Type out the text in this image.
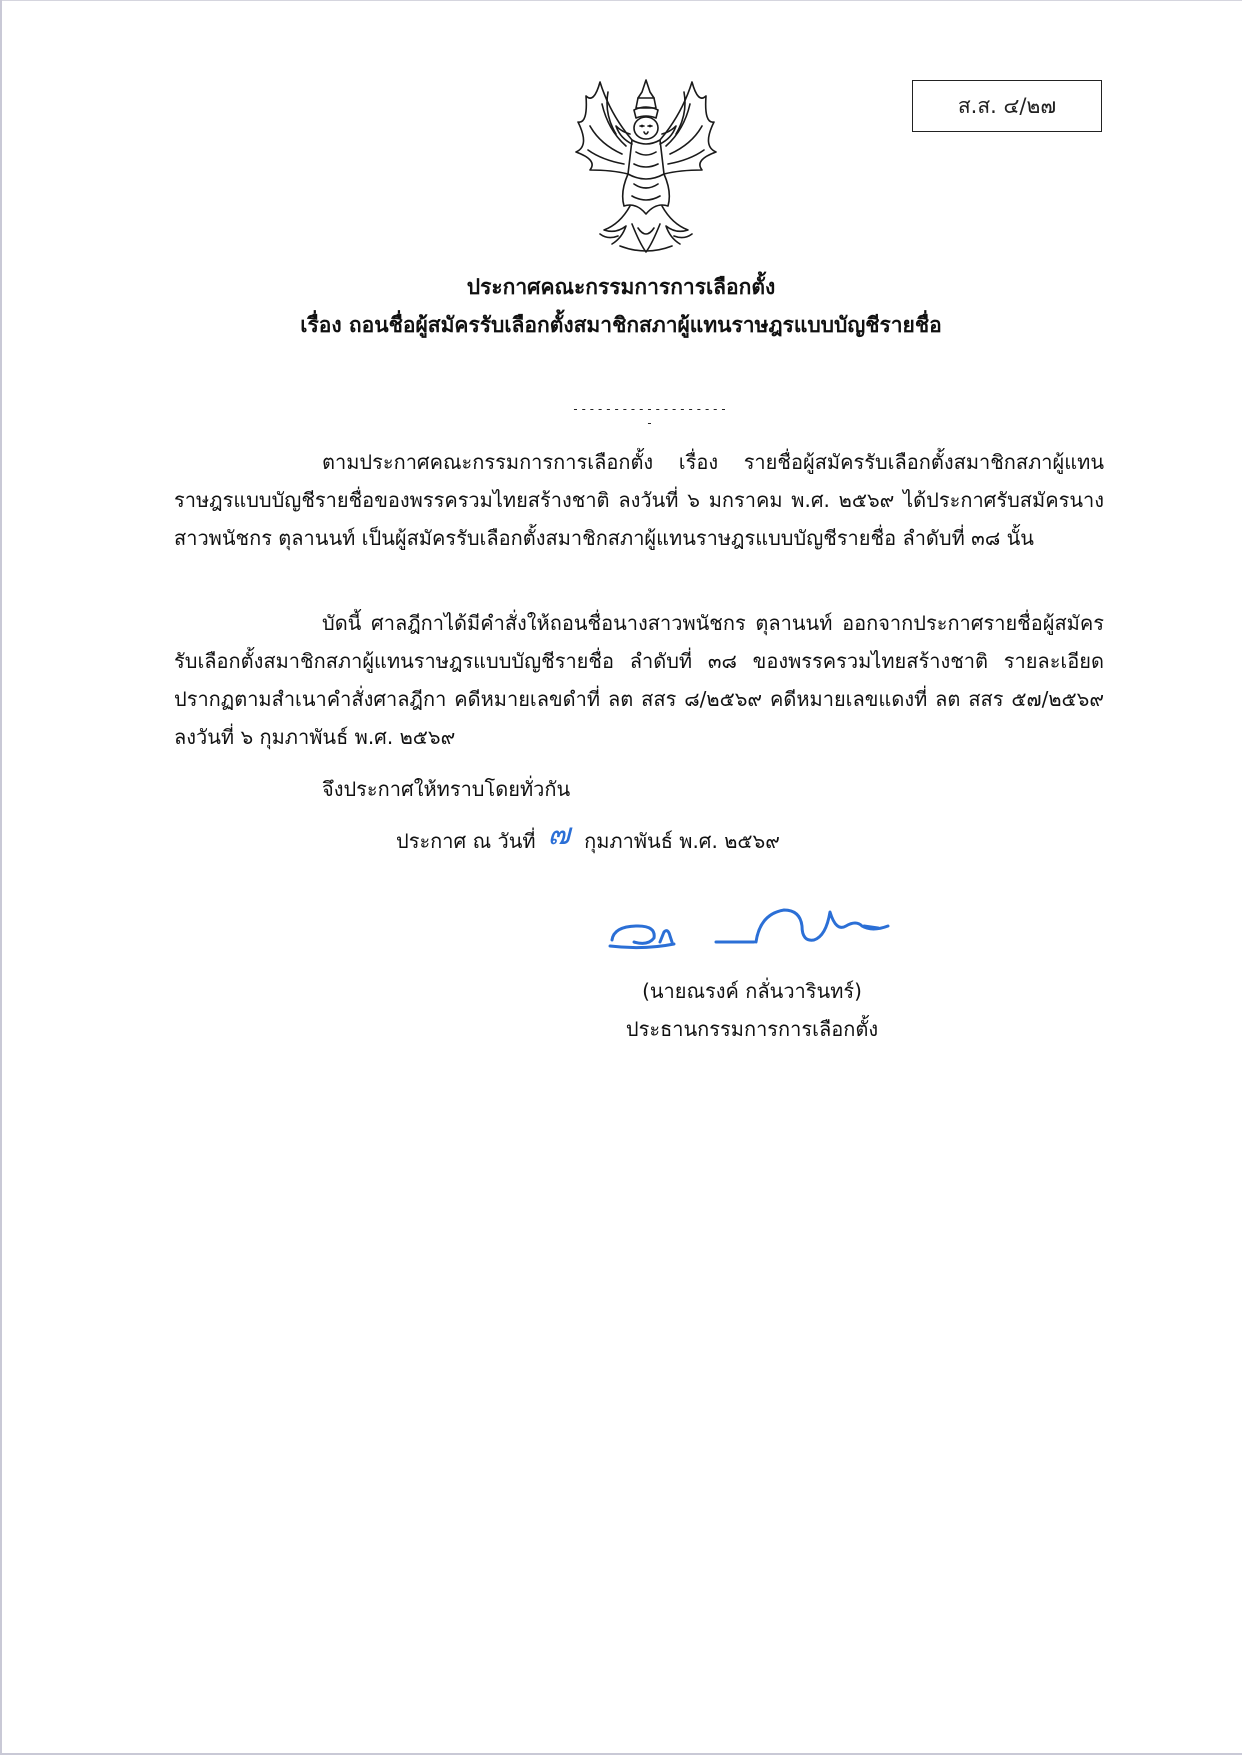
ส.ส. ๔/๒๗
ประกาศคณะกรรมการการเลือกตั้ง
เรื่อง ถอนชื่อผู้สมัครรับเลือกตั้งสมาชิกสภาผู้แทนราษฎรแบบบัญชีรายชื่อ
--------------------

ตามประกาศคณะกรรมการการเลือกตั้ง เรื่อง รายชื่อผู้สมัครรับเลือกตั้งสมาชิกสภาผู้แทนราษฎรแบบบัญชีรายชื่อของพรรครวมไทยสร้างชาติ ลงวันที่ ๖ มกราคม พ.ศ. ๒๕๖๙ ได้ประกาศรับสมัครนางสาวพนัชกร ตุลานนท์ เป็นผู้สมัครรับเลือกตั้งสมาชิกสภาผู้แทนราษฎรแบบบัญชีรายชื่อ ลำดับที่ ๓๘ นั้น

บัดนี้ ศาลฎีกาได้มีคำสั่งให้ถอนชื่อนางสาวพนัชกร ตุลานนท์ ออกจากประกาศรายชื่อผู้สมัครรับเลือกตั้งสมาชิกสภาผู้แทนราษฎรแบบบัญชีรายชื่อ ลำดับที่ ๓๘ ของพรรครวมไทยสร้างชาติ รายละเอียดปรากฏตามสำเนาคำสั่งศาลฎีกา คดีหมายเลขดำที่ ลต สสร ๘/๒๕๖๙ คดีหมายเลขแดงที่ ลต สสร ๕๗/๒๕๖๙ ลงวันที่ ๖ กุมภาพันธ์ พ.ศ. ๒๕๖๙

จึงประกาศให้ทราบโดยทั่วกัน
ประกาศ ณ วันที่ ๗ กุมภาพันธ์ พ.ศ. ๒๕๖๙
(นายณรงค์ กลั่นวารินทร์)
ประธานกรรมการการเลือกตั้ง
